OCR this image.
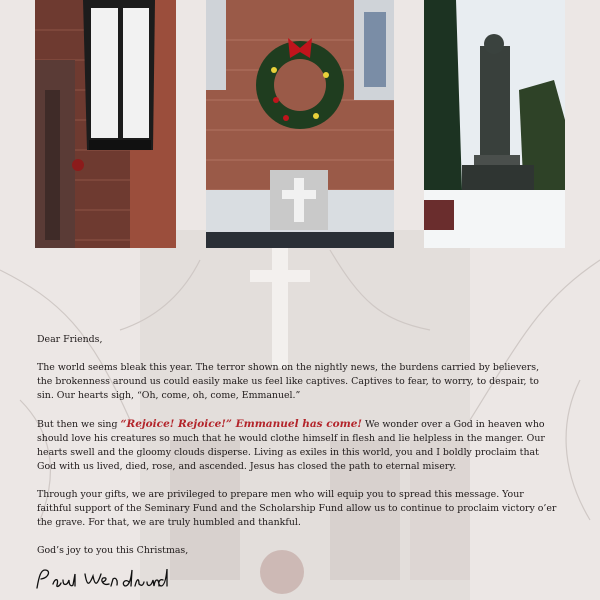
Dear Friends,

The world seems bleak this year. The terror shown on the nightly news, the burdens carried by believers, the brokenness around us could easily make us feel like captives. Captives to fear, to worry, to despair, to sin. Our hearts sigh, “Oh, come, oh, come, Emmanuel.”

But then we sing “Rejoice! Rejoice!” Emmanuel has come! We wonder over a God in heaven who should love his creatures so much that he would clothe himself in flesh and lie helpless in the manger. Our hearts swell and the gloomy clouds disperse. Living as exiles in this world, you and I boldly proclaim that God with us lived, died, rose, and ascended. Jesus has closed the path to eternal misery.

Through your gifts, we are privileged to prepare men who will equip you to spread this message. Your faithful support of the Seminary Fund and the Scholarship Fund allow us to continue to proclaim victory o’er the grave. For that, we are truly humbled and thankful.

God’s joy to you this Christmas,
